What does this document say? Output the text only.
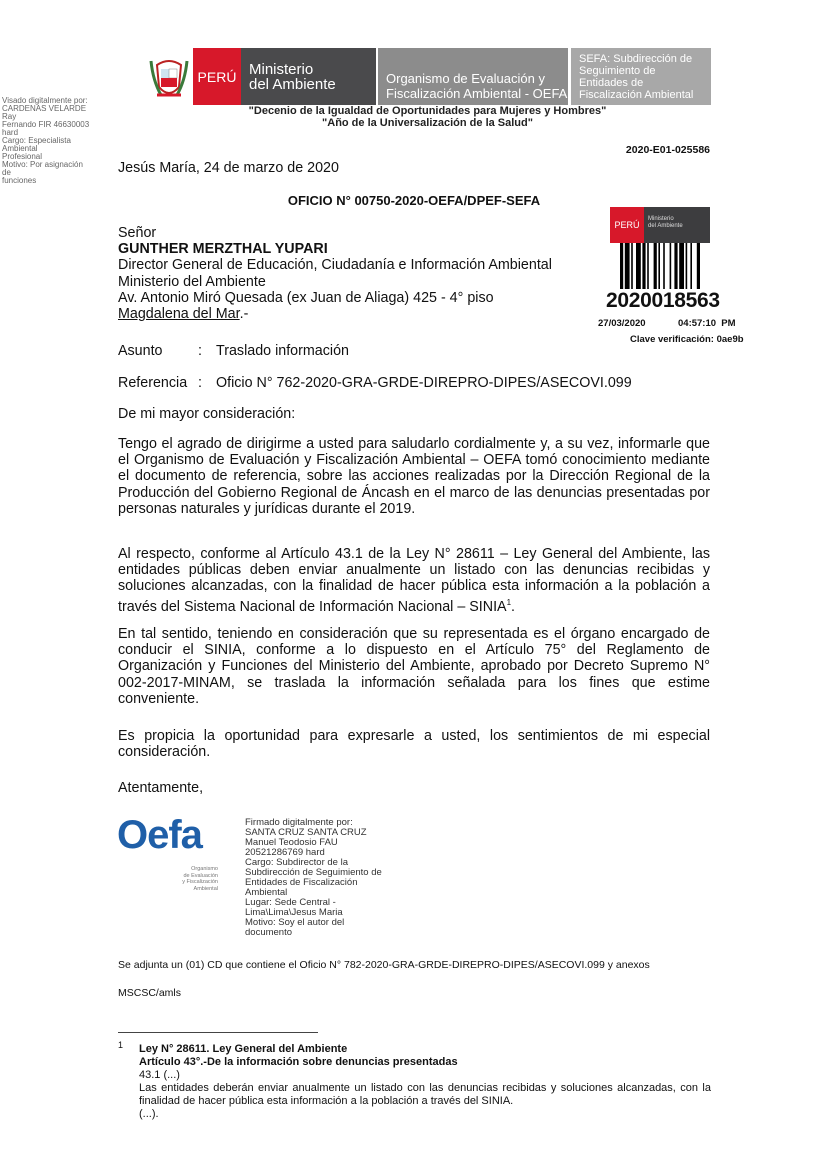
Visado digitalmente por:
CARDENAS VELARDE Ray
Fernando FIR 46630003 hard
Cargo: Especialista Ambiental
Profesional
Motivo: Por asignación de
funciones
PERÚ Ministerio
del Ambiente	Organismo de Evaluación y
Fiscalización Ambiental - OEFA
SEFA: Subdirección de
Seguimiento de
Entidades de
Fiscalización Ambiental
"Decenio de la Igualdad de Oportunidades para Mujeres y Hombres"
"Año de la Universalización de la Salud"
2020-E01-025586
Jesús María, 24 de marzo de 2020
OFICIO N° 00750-2020-OEFA/DPEF-SEFA
Señor
GUNTHER MERZTHAL YUPARI
Director General de Educación, Ciudadanía e Información Ambiental
Ministerio del Ambiente
Av. Antonio Miró Quesada (ex Juan de Aliaga) 425 - 4° piso
Magdalena del Mar.-
PERÚ
Ministerio
del Ambiente
2020018563
27/03/2020	04:57:10  PM
Clave verificación: 0ae9b
Asunto : Traslado información
Referencia : Oficio N° 762-2020-GRA-GRDE-DIREPRO-DIPES/ASECOVI.099
De mi mayor consideración:

Tengo el agrado de dirigirme a usted para saludarlo cordialmente y, a su vez, informarle que el Organismo de Evaluación y Fiscalización Ambiental – OEFA tomó conocimiento mediante el documento de referencia, sobre las acciones realizadas por la Dirección Regional de la Producción del Gobierno Regional de Áncash en el marco de las denuncias presentadas por personas naturales y jurídicas durante el 2019.

Al respecto, conforme al Artículo 43.1 de la Ley N° 28611 – Ley General del Ambiente, las entidades públicas deben enviar anualmente un listado con las denuncias recibidas y soluciones alcanzadas, con la finalidad de hacer pública esta información a la población a través del Sistema Nacional de Información Nacional – SINIA$^1$.

En tal sentido, teniendo en consideración que su representada es el órgano encargado de conducir el SINIA, conforme a lo dispuesto en el Artículo 75° del Reglamento de Organización y Funciones del Ministerio del Ambiente, aprobado por Decreto Supremo N° 002-2017-MINAM, se traslada la información señalada para los fines que estime conveniente.

Es propicia la oportunidad para expresarle a usted, los sentimientos de mi especial consideración.

Atentamente,
Oefa
Organismo
de Evaluación
y Fiscalización
Ambiental
Firmado digitalmente por:
SANTA CRUZ SANTA CRUZ
Manuel Teodosio FAU
20521286769 hard
Cargo: Subdirector de la
Subdirección de Seguimiento de
Entidades de Fiscalización
Ambiental
Lugar: Sede Central -
Lima\Lima\Jesus Maria
Motivo: Soy el autor del
documento
Se adjunta un (01) CD que contiene el Oficio N° 782-2020-GRA-GRDE-DIREPRO-DIPES/ASECOVI.099 y anexos
MSCSC/amls
1 Ley N° 28611. Ley General del Ambiente
Artículo 43°.-De la información sobre denuncias presentadas
43.1 (...)
Las entidades deberán enviar anualmente un listado con las denuncias recibidas y soluciones alcanzadas, con la finalidad de hacer pública esta información a la población a través del SINIA.
(...).
